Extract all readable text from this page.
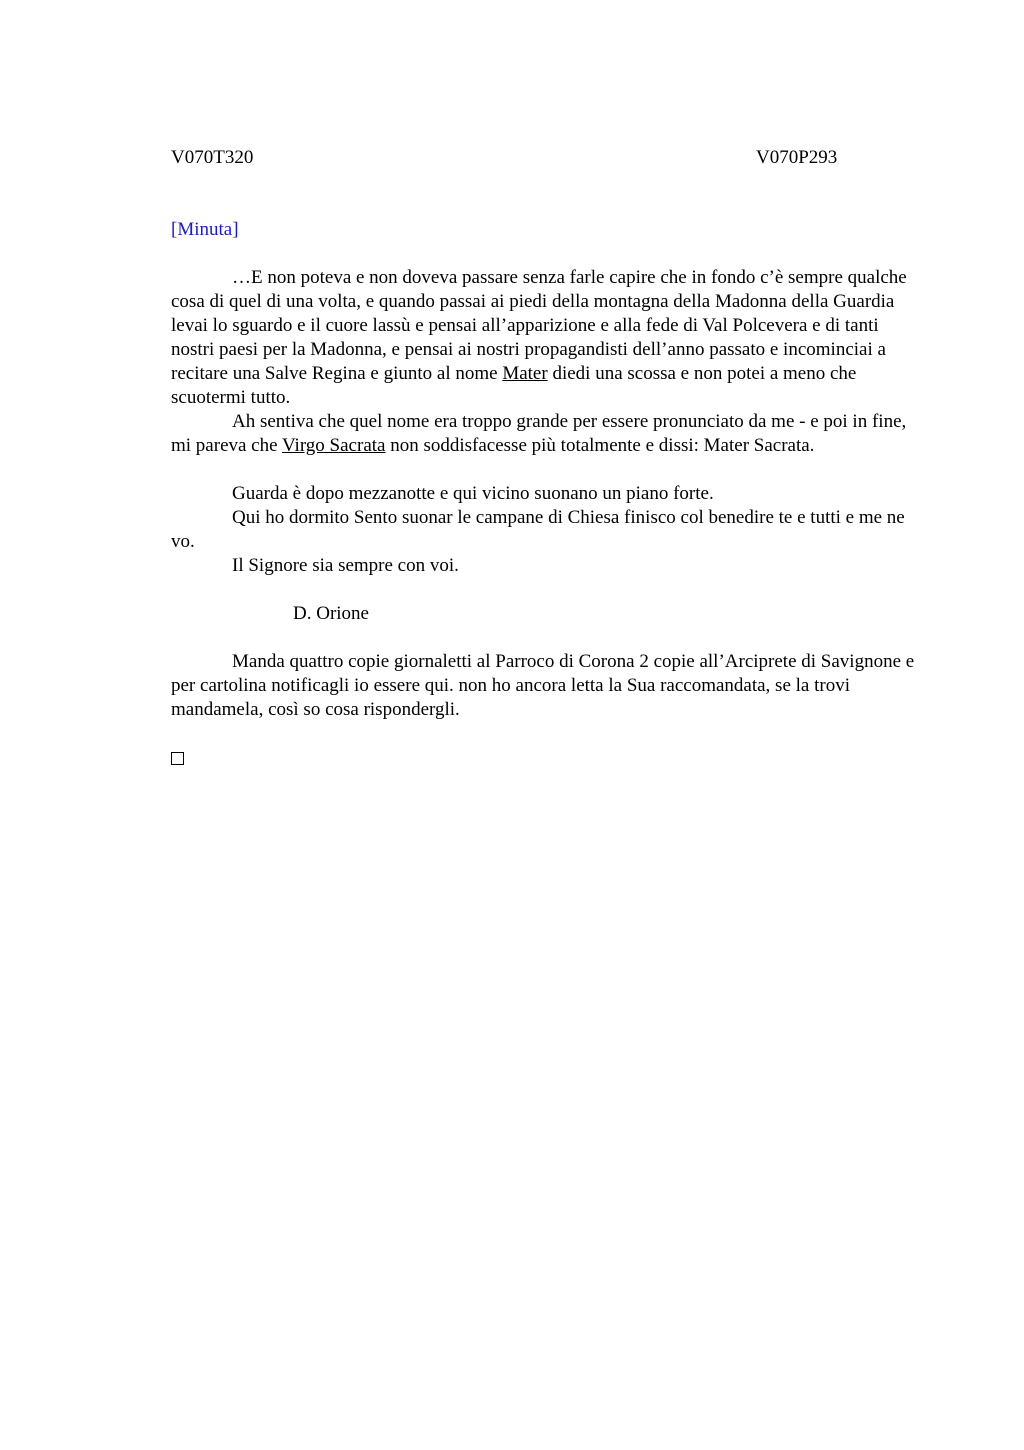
V070T320	V070P293
[Minuta]

…E non poteva e non doveva passare senza farle capire che in fondo c’è sempre qualche cosa di quel di una volta, e quando passai ai piedi della montagna della Madonna della Guardia levai lo sguardo e il cuore lassù e pensai all’apparizione e alla fede di Val Polcevera e di tanti nostri paesi per la Madonna, e pensai ai nostri propagandisti dell’anno passato e incominciai a recitare una Salve Regina e giunto al nome Mater diedi una scossa e non potei a meno che scuotermi tutto.

Ah sentiva che quel nome era troppo grande per essere pronunciato da me - e poi in fine, mi pareva che Virgo Sacrata non soddisfacesse più totalmente e dissi: Mater Sacrata.

Guarda è dopo mezzanotte e qui vicino suonano un piano forte.

Qui ho dormito Sento suonar le campane di Chiesa finisco col benedire te e tutti e me ne vo.

Il Signore sia sempre con voi.

D. Orione

Manda quattro copie giornaletti al Parroco di Corona 2 copie all’Arciprete di Savignone e per cartolina notificagli io essere qui. non ho ancora letta la Sua raccomandata, se la trovi mandamela, così so cosa rispondergli.
